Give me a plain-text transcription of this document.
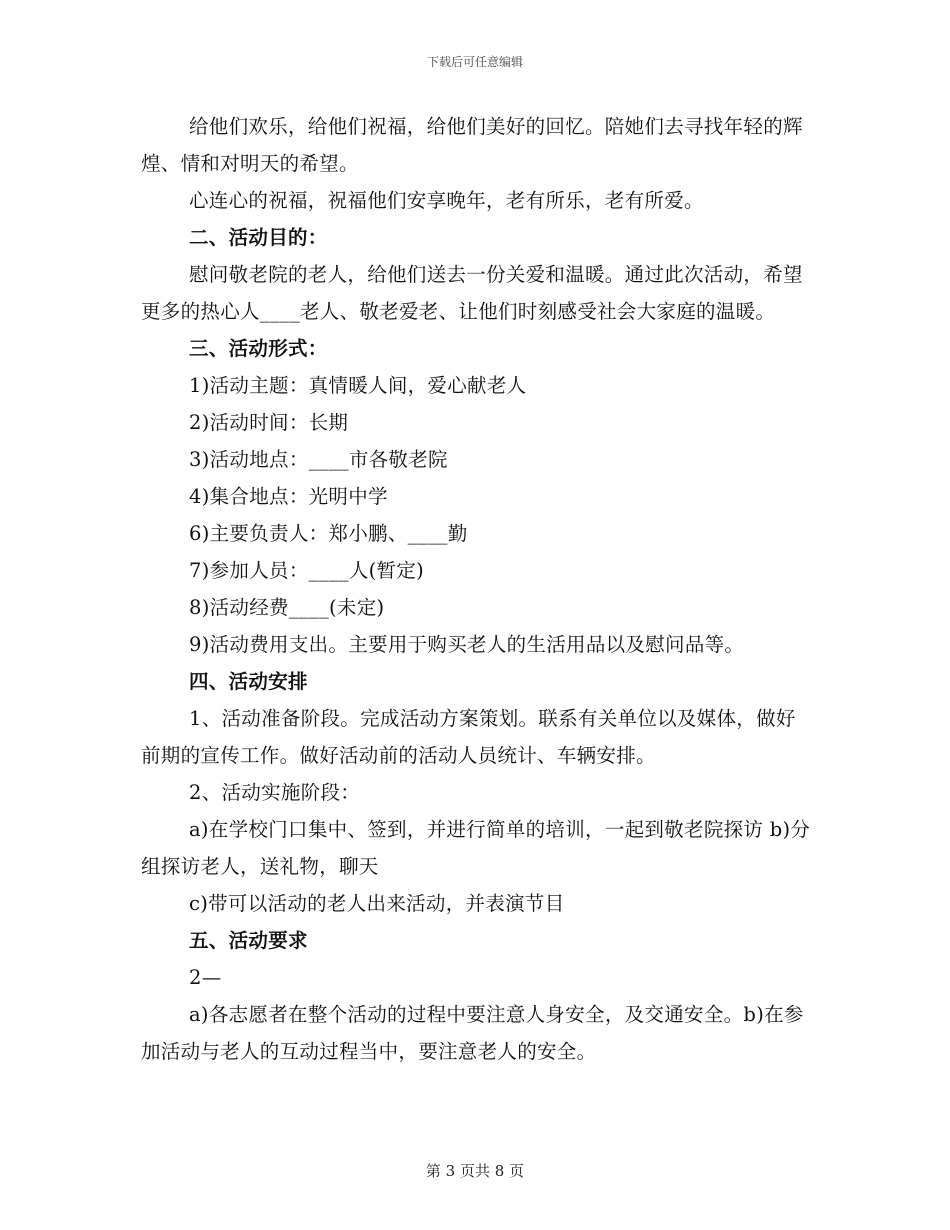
下载后可任意编辑

给他们欢乐，给他们祝福，给他们美好的回忆。陪她们去寻找年轻的辉煌、情和对明天的希望。

心连心的祝福，祝福他们安享晚年，老有所乐，老有所爱。

二、活动目的：

慰问敬老院的老人，给他们送去一份关爱和温暖。通过此次活动，希望更多的热心人____老人、敬老爱老、让他们时刻感受社会大家庭的温暖。

三、活动形式：

1)活动主题：真情暖人间，爱心献老人

2)活动时间：长期

3)活动地点：____市各敬老院

4)集合地点：光明中学

6)主要负责人：郑小鹏、____勤

7)参加人员：____人(暂定)

8)活动经费____(未定)

9)活动费用支出。主要用于购买老人的生活用品以及慰问品等。

四、活动安排

1、活动准备阶段。完成活动方案策划。联系有关单位以及媒体，做好前期的宣传工作。做好活动前的活动人员统计、车辆安排。

2、活动实施阶段：

a)在学校门口集中、签到，并进行简单的培训，一起到敬老院探访 b)分组探访老人，送礼物，聊天

c)带可以活动的老人出来活动，并表演节目

五、活动要求

2—

a)各志愿者在整个活动的过程中要注意人身安全，及交通安全。b)在参加活动与老人的互动过程当中，要注意老人的安全。

第 3 页共 8 页
